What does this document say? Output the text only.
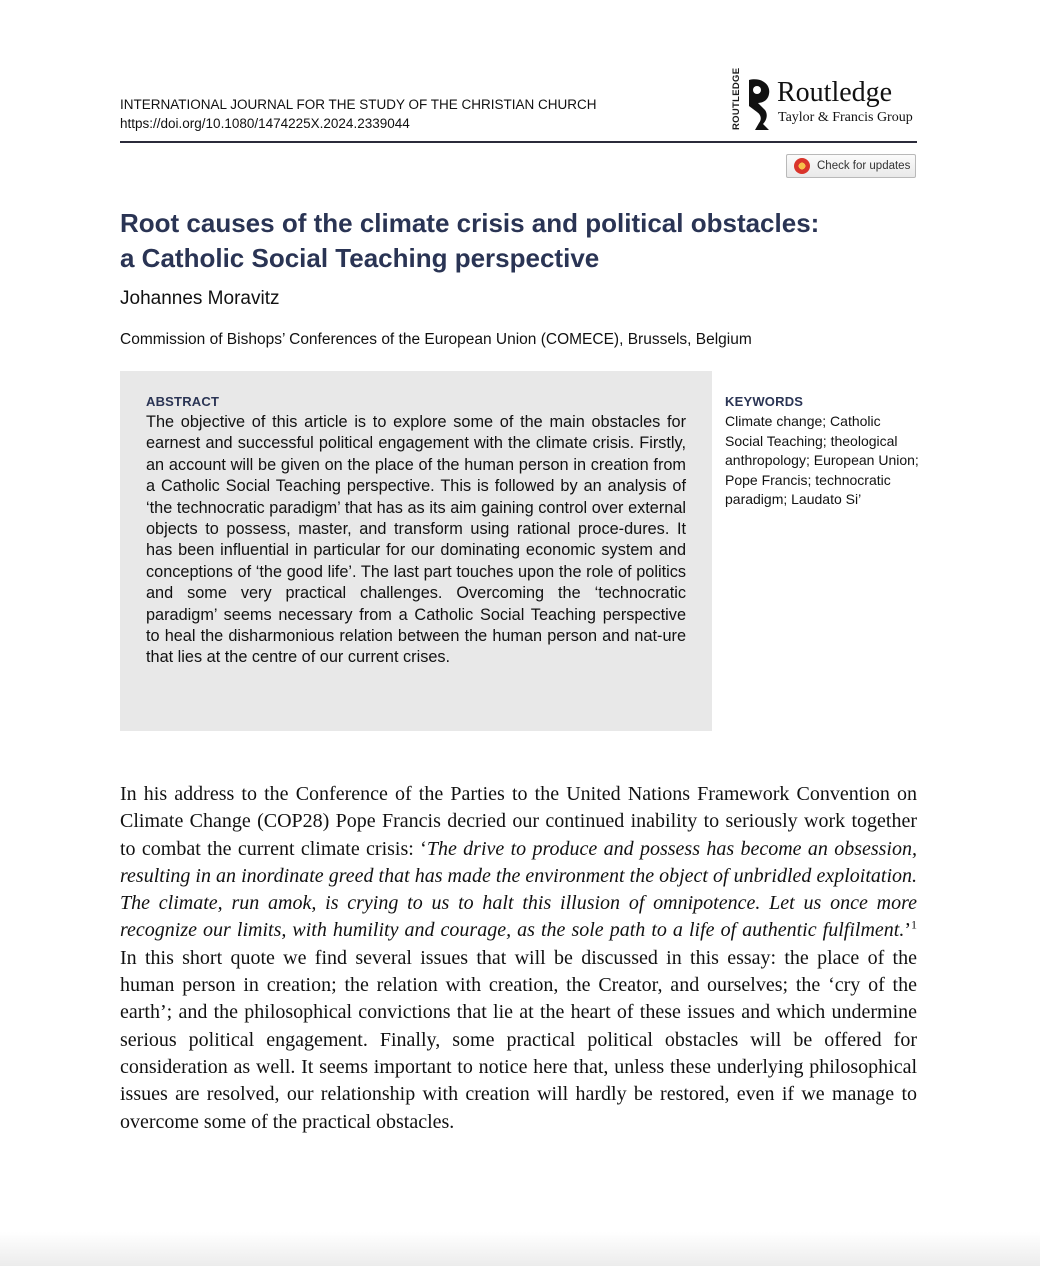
INTERNATIONAL JOURNAL FOR THE STUDY OF THE CHRISTIAN CHURCH
https://doi.org/10.1080/1474225X.2024.2339044	ROUTLEDGE Routledge
Taylor & Francis Group
Check for updates
Root causes of the climate crisis and political obstacles:
a Catholic Social Teaching perspective
Johannes Moravitz
Commission of Bishops’ Conferences of the European Union (COMECE), Brussels, Belgium
ABSTRACT

The objective of this article is to explore some of the main obstacles for earnest and successful political engagement with the climate crisis. Firstly, an account will be given on the place of the human person in creation from a Catholic Social Teaching perspective. This is followed by an analysis of ‘the technocratic paradigm’ that has as its aim gaining control over external objects to possess, master, and transform using rational proce-dures. It has been influential in particular for our dominating economic system and conceptions of ‘the good life’. The last part touches upon the role of politics and some very practical challenges. Overcoming the ‘technocratic paradigm’ seems necessary from a Catholic Social Teaching perspective to heal the disharmonious relation between the human person and nat-ure that lies at the centre of our current crises.

KEYWORDS

Climate change; Catholic Social Teaching; theological anthropology; European Union; Pope Francis; technocratic paradigm; Laudato Si’

In his address to the Conference of the Parties to the United Nations Framework Convention on Climate Change (COP28) Pope Francis decried our continued inability to seriously work together to combat the current climate crisis: ‘The drive to produce and possess has become an obsession, resulting in an inordinate greed that has made the environment the object of unbridled exploitation. The climate, run amok, is crying to us to halt this illusion of omnipotence. Let us once more recognize our limits, with humility and courage, as the sole path to a life of authentic fulfilment.’$^1$ In this short quote we find several issues that will be discussed in this essay: the place of the human person in creation; the relation with creation, the Creator, and ourselves; the ‘cry of the earth’; and the philosophical convictions that lie at the heart of these issues and which undermine serious political engagement. Finally, some practical political obstacles will be offered for consideration as well. It seems important to notice here that, unless these underlying philosophical issues are resolved, our relationship with creation will hardly be restored, even if we manage to overcome some of the practical obstacles.
